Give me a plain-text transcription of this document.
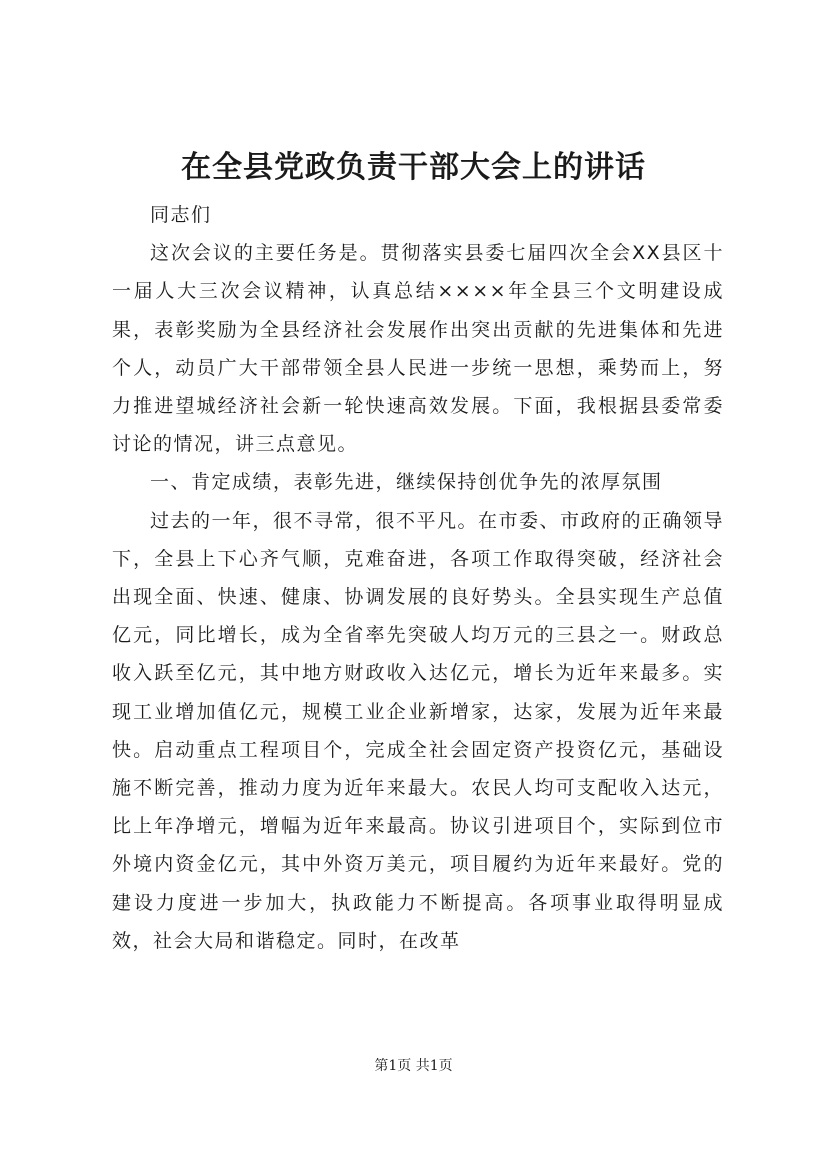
在全县党政负责干部大会上的讲话

同志们

这次会议的主要任务是。贯彻落实县委七届四次全会XX县区十一届人大三次会议精神，认真总结××××年全县三个文明建设成果，表彰奖励为全县经济社会发展作出突出贡献的先进集体和先进个人，动员广大干部带领全县人民进一步统一思想，乘势而上，努力推进望城经济社会新一轮快速高效发展。下面，我根据县委常委讨论的情况，讲三点意见。

一、肯定成绩，表彰先进，继续保持创优争先的浓厚氛围

过去的一年，很不寻常，很不平凡。在市委、市政府的正确领导下，全县上下心齐气顺，克难奋进，各项工作取得突破，经济社会出现全面、快速、健康、协调发展的良好势头。全县实现生产总值亿元，同比增长，成为全省率先突破人均万元的三县之一。财政总收入跃至亿元，其中地方财政收入达亿元，增长为近年来最多。实现工业增加值亿元，规模工业企业新增家，达家，发展为近年来最快。启动重点工程项目个，完成全社会固定资产投资亿元，基础设施不断完善，推动力度为近年来最大。农民人均可支配收入达元，比上年净增元，增幅为近年来最高。协议引进项目个，实际到位市外境内资金亿元，其中外资万美元，项目履约为近年来最好。党的建设力度进一步加大，执政能力不断提高。各项事业取得明显成效，社会大局和谐稳定。同时，在改革

第1页 共1页
